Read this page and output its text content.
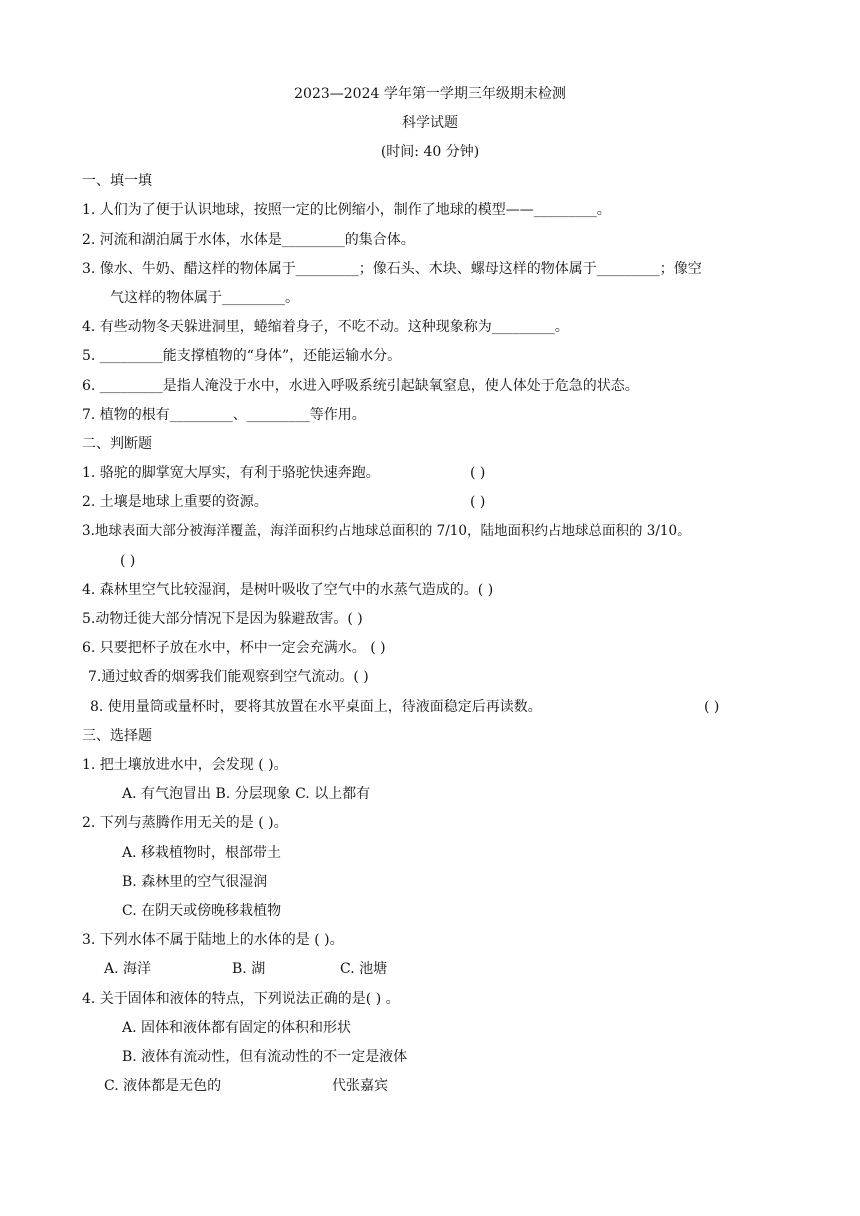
2023—2024 学年第一学期三年级期末检测
科学试题
(时间: 40 分钟)
一、填一填
1. 人们为了便于认识地球，按照一定的比例缩小，制作了地球的模型——_________。
2. 河流和湖泊属于水体，水体是_________的集合体。
3. 像水、牛奶、醋这样的物体属于_________；像石头、木块、螺母这样的物体属于_________；像空
气这样的物体属于_________。
4. 有些动物冬天躲进洞里，蜷缩着身子，不吃不动。这种现象称为_________。
5. _________能支撑植物的“身体”，还能运输水分。
6. _________是指人淹没于水中，水进入呼吸系统引起缺氧窒息，使人体处于危急的状态。
7. 植物的根有_________、_________等作用。
二、判断题
1. 骆驼的脚掌宽大厚实，有利于骆驼快速奔跑。	( )
2. 土壤是地球上重要的资源。	( )
3.地球表面大部分被海洋覆盖，海洋面积约占地球总面积的 7/10，陆地面积约占地球总面积的 3/10。
( )
4. 森林里空气比较湿润，是树叶吸收了空气中的水蒸气造成的。( )
5.动物迁徙大部分情况下是因为躲避敌害。( )
6. 只要把杯子放在水中，杯中一定会充满水。 ( )
7.通过蚊香的烟雾我们能观察到空气流动。( )
8. 使用量筒或量杯时，要将其放置在水平桌面上，待液面稳定后再读数。	( )
三、选择题
1. 把土壤放进水中，会发现 ( )。
A. 有气泡冒出 B. 分层现象 C. 以上都有
2. 下列与蒸腾作用无关的是 ( )。
A. 移栽植物时，根部带土
B. 森林里的空气很湿润
C. 在阴天或傍晚移栽植物
3. 下列水体不属于陆地上的水体的是 ( )。
A. 海洋	B. 湖	C. 池塘
4. 关于固体和液体的特点，下列说法正确的是( ) 。
A. 固体和液体都有固定的体积和形状
B. 液体有流动性，但有流动性的不一定是液体
C. 液体都是无色的	代张嘉宾
